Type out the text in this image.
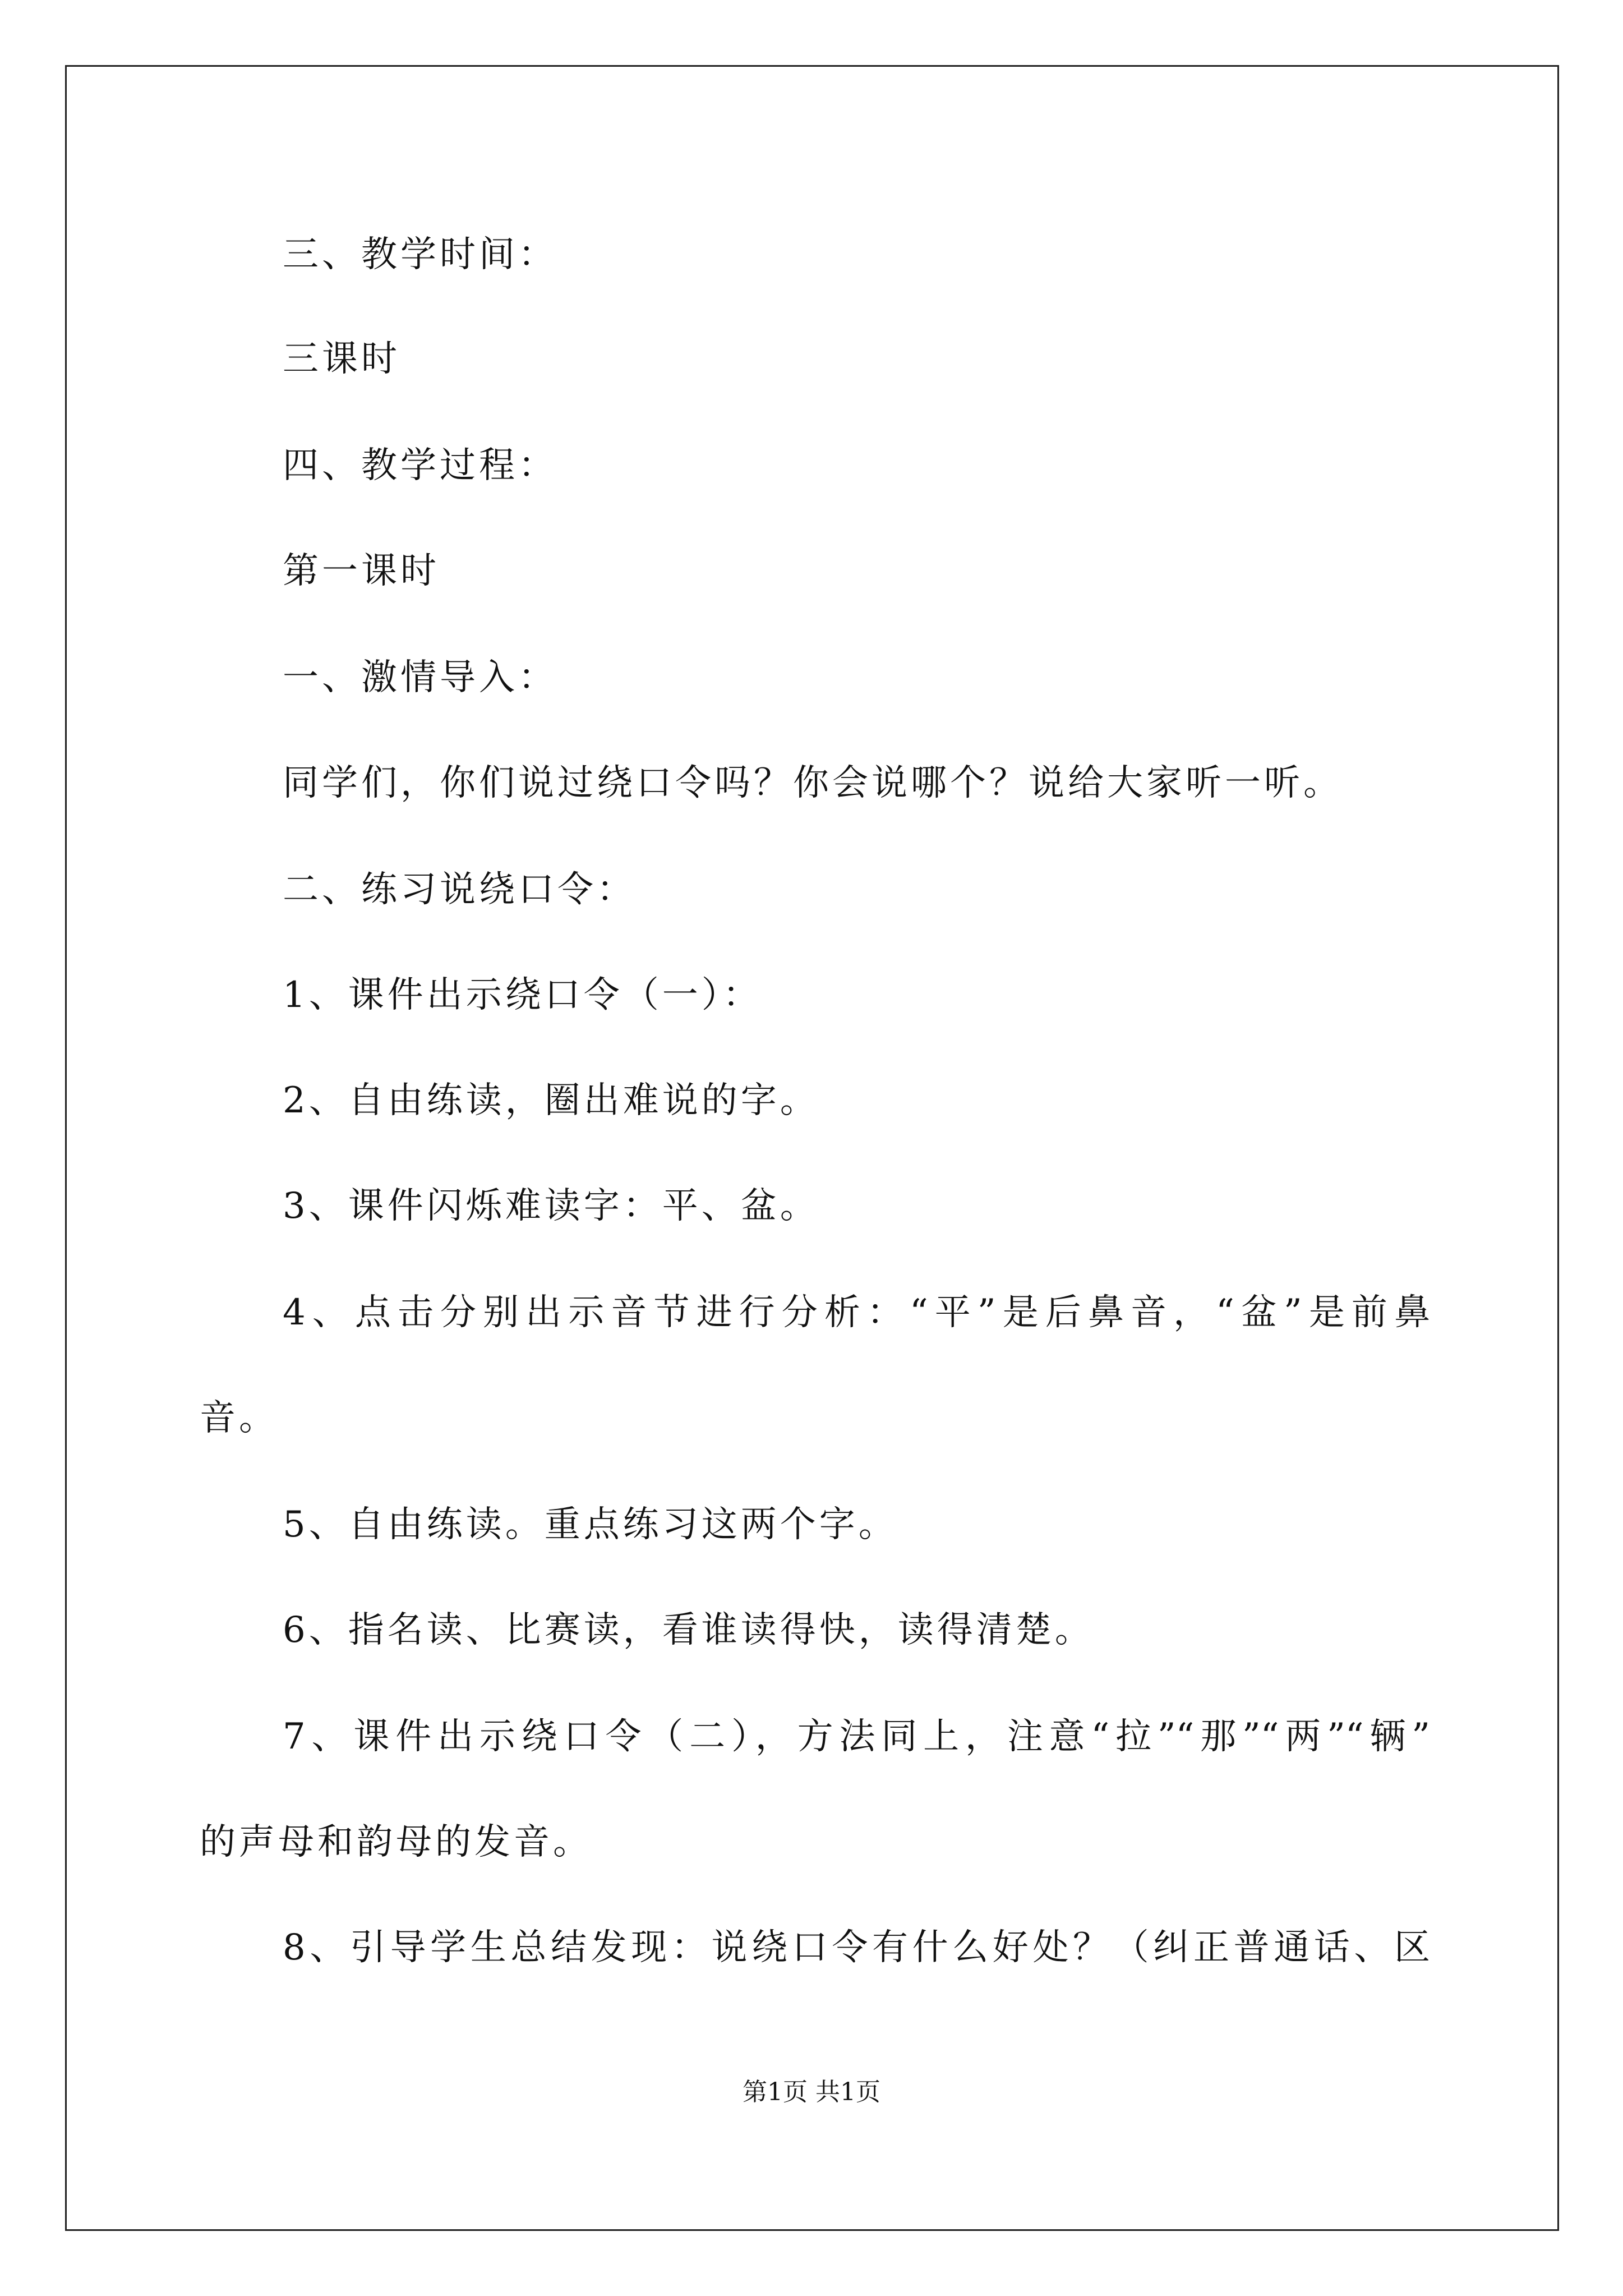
三、教学时间：
三课时
四、教学过程：
第一课时
一、激情导入：
同学们，你们说过绕口令吗？你会说哪个？说给大家听一听。
二、练习说绕口令：
1、课件出示绕口令（一）：
2、自由练读，圈出难说的字。
3、课件闪烁难读字：平、盆。
4、点击分别出示音节进行分析：“平”是后鼻音，“盆”是前鼻
音。
5、自由练读。重点练习这两个字。
6、指名读、比赛读，看谁读得快，读得清楚。
7、课件出示绕口令（二），方法同上，注意“拉”“那”“两”“辆”
的声母和韵母的发音。
8、引导学生总结发现：说绕口令有什么好处？（纠正普通话、区
第1页 共1页
